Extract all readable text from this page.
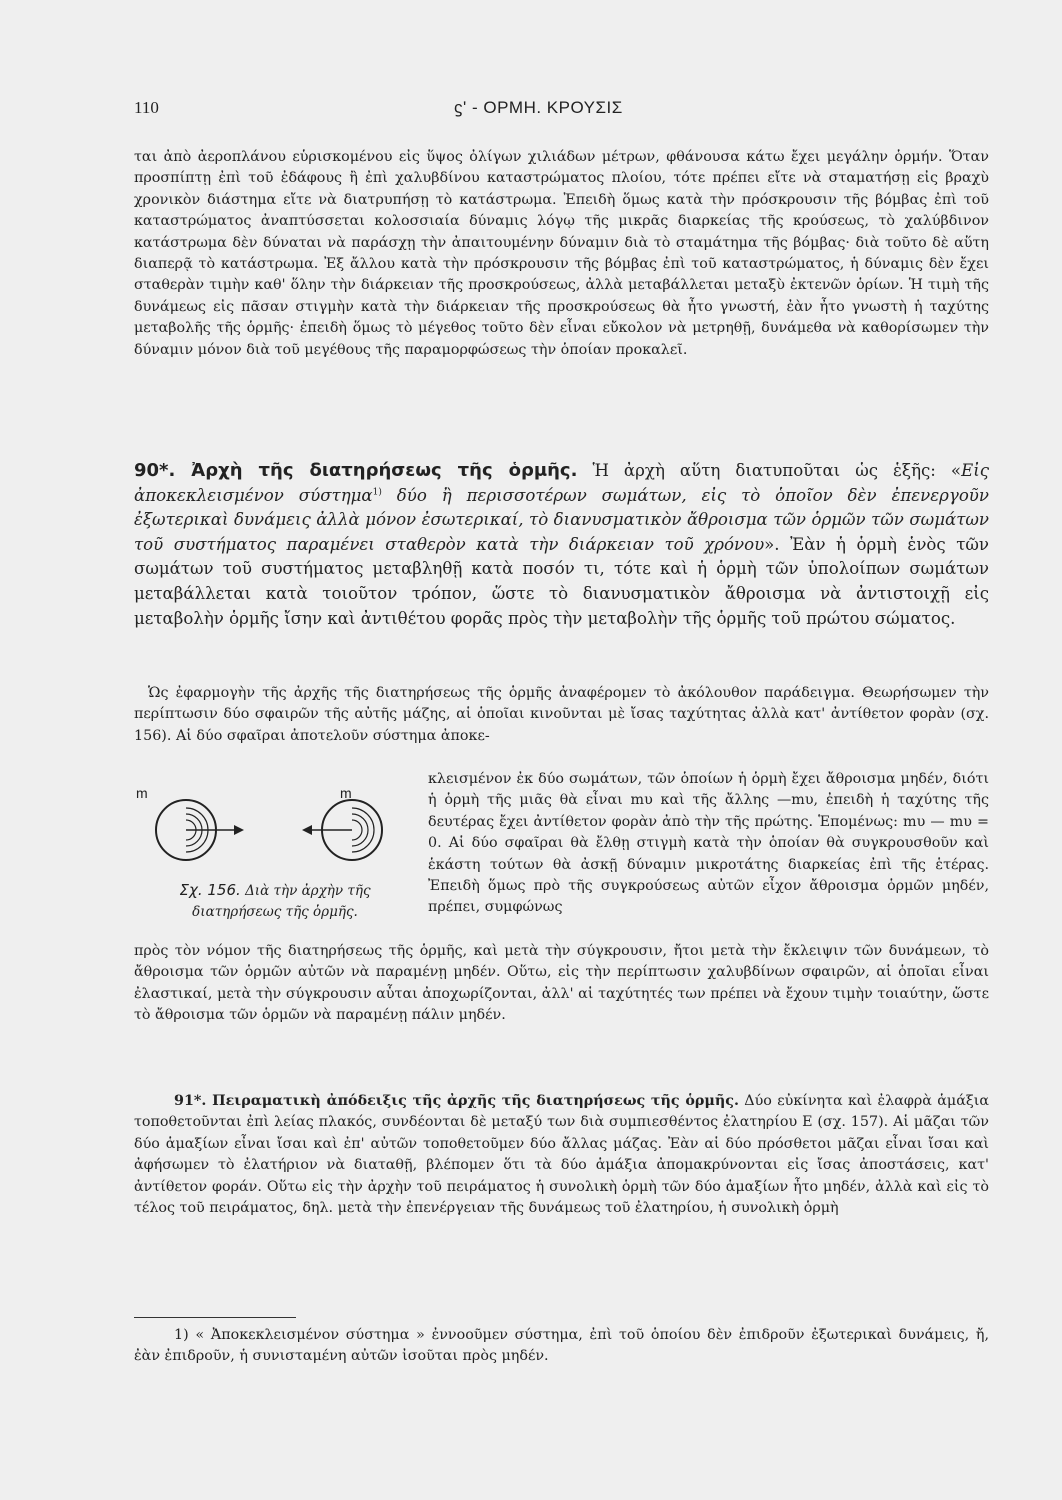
110	ϛʹ - ΟΡΜΗ. ΚΡΟΥΣΙΣ

ται ἀπὸ ἀεροπλάνου εὑρισκομένου εἰς ὕψος ὀλίγων χιλιάδων μέτρων, φθάνουσα κάτω ἔχει μεγάλην ὁρμήν. Ὅταν προσπίπτῃ ἐπὶ τοῦ ἐδάφους ἢ ἐπὶ χαλυβδίνου καταστρώματος πλοίου, τότε πρέπει εἴτε νὰ σταματήσῃ εἰς βραχὺ χρονικὸν διάστημα εἴτε νὰ διατρυπήσῃ τὸ κατάστρωμα. Ἐπειδὴ ὅμως κατὰ τὴν πρόσκρουσιν τῆς βόμβας ἐπὶ τοῦ καταστρώματος ἀναπτύσσεται κολοσσιαία δύναμις λόγῳ τῆς μικρᾶς διαρκείας τῆς κρούσεως, τὸ χαλύβδινον κατάστρωμα δὲν δύναται νὰ παράσχῃ τὴν ἀπαιτουμένην δύναμιν διὰ τὸ σταμάτημα τῆς βόμβας· διὰ τοῦτο δὲ αὕτη διαπερᾷ τὸ κατάστρωμα. Ἐξ ἄλλου κατὰ τὴν πρόσκρουσιν τῆς βόμβας ἐπὶ τοῦ καταστρώματος, ἡ δύναμις δὲν ἔχει σταθερὰν τιμὴν καθ' ὅλην τὴν διάρκειαν τῆς προσκρούσεως, ἀλλὰ μεταβάλλεται μεταξὺ ἐκτενῶν ὁρίων. Ἡ τιμὴ τῆς δυνάμεως εἰς πᾶσαν στιγμὴν κατὰ τὴν διάρκειαν τῆς προσκρούσεως θὰ ἦτο γνωστή, ἐὰν ἦτο γνωστὴ ἡ ταχύτης μεταβολῆς τῆς ὁρμῆς· ἐπειδὴ ὅμως τὸ μέγεθος τοῦτο δὲν εἶναι εὔκολον νὰ μετρηθῇ, δυνάμεθα νὰ καθορίσωμεν τὴν δύναμιν μόνον διὰ τοῦ μεγέθους τῆς παραμορφώσεως τὴν ὁποίαν προκαλεῖ.

90*. Ἀρχὴ τῆς διατηρήσεως τῆς ὁρμῆς. Ἡ ἀρχὴ αὕτη διατυποῦται ὡς ἑξῆς: «Εἰς ἀποκεκλεισμένον σύστημα$^{1)}$ δύο ἢ περισσοτέρων σωμάτων, εἰς τὸ ὁποῖον δὲν ἐπενεργοῦν ἐξωτερικαὶ δυνάμεις ἀλλὰ μόνον ἐσωτερικαί, τὸ διανυσματικὸν ἄθροισμα τῶν ὁρμῶν τῶν σωμάτων τοῦ συστήματος παραμένει σταθερὸν κατὰ τὴν διάρκειαν τοῦ χρόνου». Ἐὰν ἡ ὁρμὴ ἑνὸς τῶν σωμάτων τοῦ συστήματος μεταβληθῇ κατὰ ποσόν τι, τότε καὶ ἡ ὁρμὴ τῶν ὑπολοίπων σωμάτων μεταβάλλεται κατὰ τοιοῦτον τρόπον, ὥστε τὸ διανυσματικὸν ἄθροισμα νὰ ἀντιστοιχῇ εἰς μεταβολὴν ὁρμῆς ἴσην καὶ ἀντιθέτου φορᾶς πρὸς τὴν μεταβολὴν τῆς ὁρμῆς τοῦ πρώτου σώματος.

Ὡς ἐφαρμογὴν τῆς ἀρχῆς τῆς διατηρήσεως τῆς ὁρμῆς ἀναφέρομεν τὸ ἀκόλουθον παράδειγμα. Θεωρήσωμεν τὴν περίπτωσιν δύο σφαιρῶν τῆς αὐτῆς μάζης, αἱ ὁποῖαι κινοῦνται μὲ ἴσας ταχύτητας ἀλλὰ κατ' ἀντίθετον φορὰν (σχ. 156). Αἱ δύο σφαῖραι ἀποτελοῦν σύστημα ἀποκε-

m	m
Σχ. 156. Διὰ τὴν ἀρχὴν τῆς διατηρήσεως τῆς ὁρμῆς.

κλεισμένον ἐκ δύο σωμάτων, τῶν ὁποίων ἡ ὁρμὴ ἔχει ἄθροισμα μηδέν, διότι ἡ ὁρμὴ τῆς μιᾶς θὰ εἶναι mυ καὶ τῆς ἄλλης —mυ, ἐπειδὴ ἡ ταχύτης τῆς δευτέρας ἔχει ἀντίθετον φορὰν ἀπὸ τὴν τῆς πρώτης. Ἑπομένως: mυ — mυ = 0. Αἱ δύο σφαῖραι θὰ ἔλθῃ στιγμὴ κατὰ τὴν ὁποίαν θὰ συγκρουσθοῦν καὶ ἑκάστη τούτων θὰ ἀσκῇ δύναμιν μικροτάτης διαρκείας ἐπὶ τῆς ἑτέρας. Ἐπειδὴ ὅμως πρὸ τῆς συγκρούσεως αὐτῶν εἶχον ἄθροισμα ὁρμῶν μηδέν, πρέπει, συμφώνως

πρὸς τὸν νόμον τῆς διατηρήσεως τῆς ὁρμῆς, καὶ μετὰ τὴν σύγκρουσιν, ἤτοι μετὰ τὴν ἔκλειψιν τῶν δυνάμεων, τὸ ἄθροισμα τῶν ὁρμῶν αὐτῶν νὰ παραμένῃ μηδέν. Οὕτω, εἰς τὴν περίπτωσιν χαλυβδίνων σφαιρῶν, αἱ ὁποῖαι εἶναι ἐλαστικαί, μετὰ τὴν σύγκρουσιν αὗται ἀποχωρίζονται, ἀλλ' αἱ ταχύτητές των πρέπει νὰ ἔχουν τιμὴν τοιαύτην, ὥστε τὸ ἄθροισμα τῶν ὁρμῶν νὰ παραμένῃ πάλιν μηδέν.

91*. Πειραματικὴ ἀπόδειξις τῆς ἀρχῆς τῆς διατηρήσεως τῆς ὁρμῆς. Δύο εὐκίνητα καὶ ἐλαφρὰ ἁμάξια τοποθετοῦνται ἐπὶ λείας πλακός, συνδέονται δὲ μεταξύ των διὰ συμπιεσθέντος ἐλατηρίου Ε (σχ. 157). Αἱ μᾶζαι τῶν δύο ἁμαξίων εἶναι ἴσαι καὶ ἐπ' αὐτῶν τοποθετοῦμεν δύο ἄλλας μάζας. Ἐὰν αἱ δύο πρόσθετοι μᾶζαι εἶναι ἴσαι καὶ ἀφήσωμεν τὸ ἐλατήριον νὰ διαταθῇ, βλέπομεν ὅτι τὰ δύο ἁμάξια ἀπομακρύνονται εἰς ἴσας ἀποστάσεις, κατ' ἀντίθετον φοράν. Οὕτω εἰς τὴν ἀρχὴν τοῦ πειράματος ἡ συνολικὴ ὁρμὴ τῶν δύο ἁμαξίων ἦτο μηδέν, ἀλλὰ καὶ εἰς τὸ τέλος τοῦ πειράματος, δηλ. μετὰ τὴν ἐπενέργειαν τῆς δυνάμεως τοῦ ἐλατηρίου, ἡ συνολικὴ ὁρμὴ

1) « Ἀποκεκλεισμένον σύστημα » ἐννοοῦμεν σύστημα, ἐπὶ τοῦ ὁποίου δὲν ἐπιδροῦν ἐξωτερικαὶ δυνάμεις, ἤ, ἐὰν ἐπιδροῦν, ἡ συνισταμένη αὐτῶν ἰσοῦται πρὸς μηδέν.
